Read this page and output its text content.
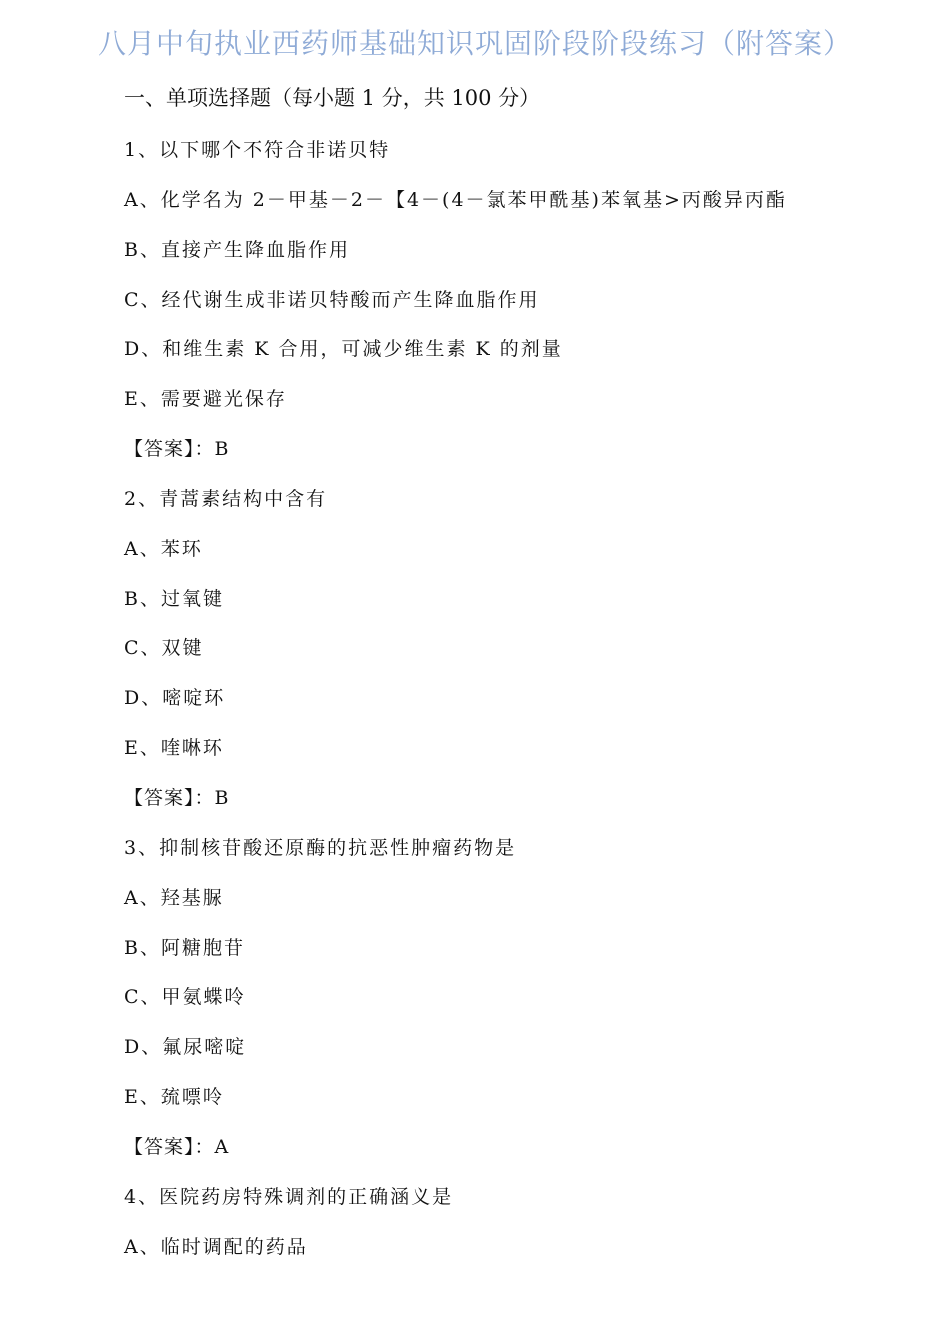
八月中旬执业西药师基础知识巩固阶段阶段练习（附答案）
一、单项选择题（每小题 1 分，共 100 分）
1、以下哪个不符合非诺贝特
A、化学名为 2－甲基－2－【4－(4－氯苯甲酰基)苯氧基>丙酸异丙酯
B、直接产生降血脂作用
C、经代谢生成非诺贝特酸而产生降血脂作用
D、和维生素 K 合用，可减少维生素 K 的剂量
E、需要避光保存
【答案】：B
2、青蒿素结构中含有
A、苯环
B、过氧键
C、双键
D、嘧啶环
E、喹啉环
【答案】：B
3、抑制核苷酸还原酶的抗恶性肿瘤药物是
A、羟基脲
B、阿糖胞苷
C、甲氨蝶呤
D、氟尿嘧啶
E、巯嘌呤
【答案】：A
4、医院药房特殊调剂的正确涵义是
A、临时调配的药品
